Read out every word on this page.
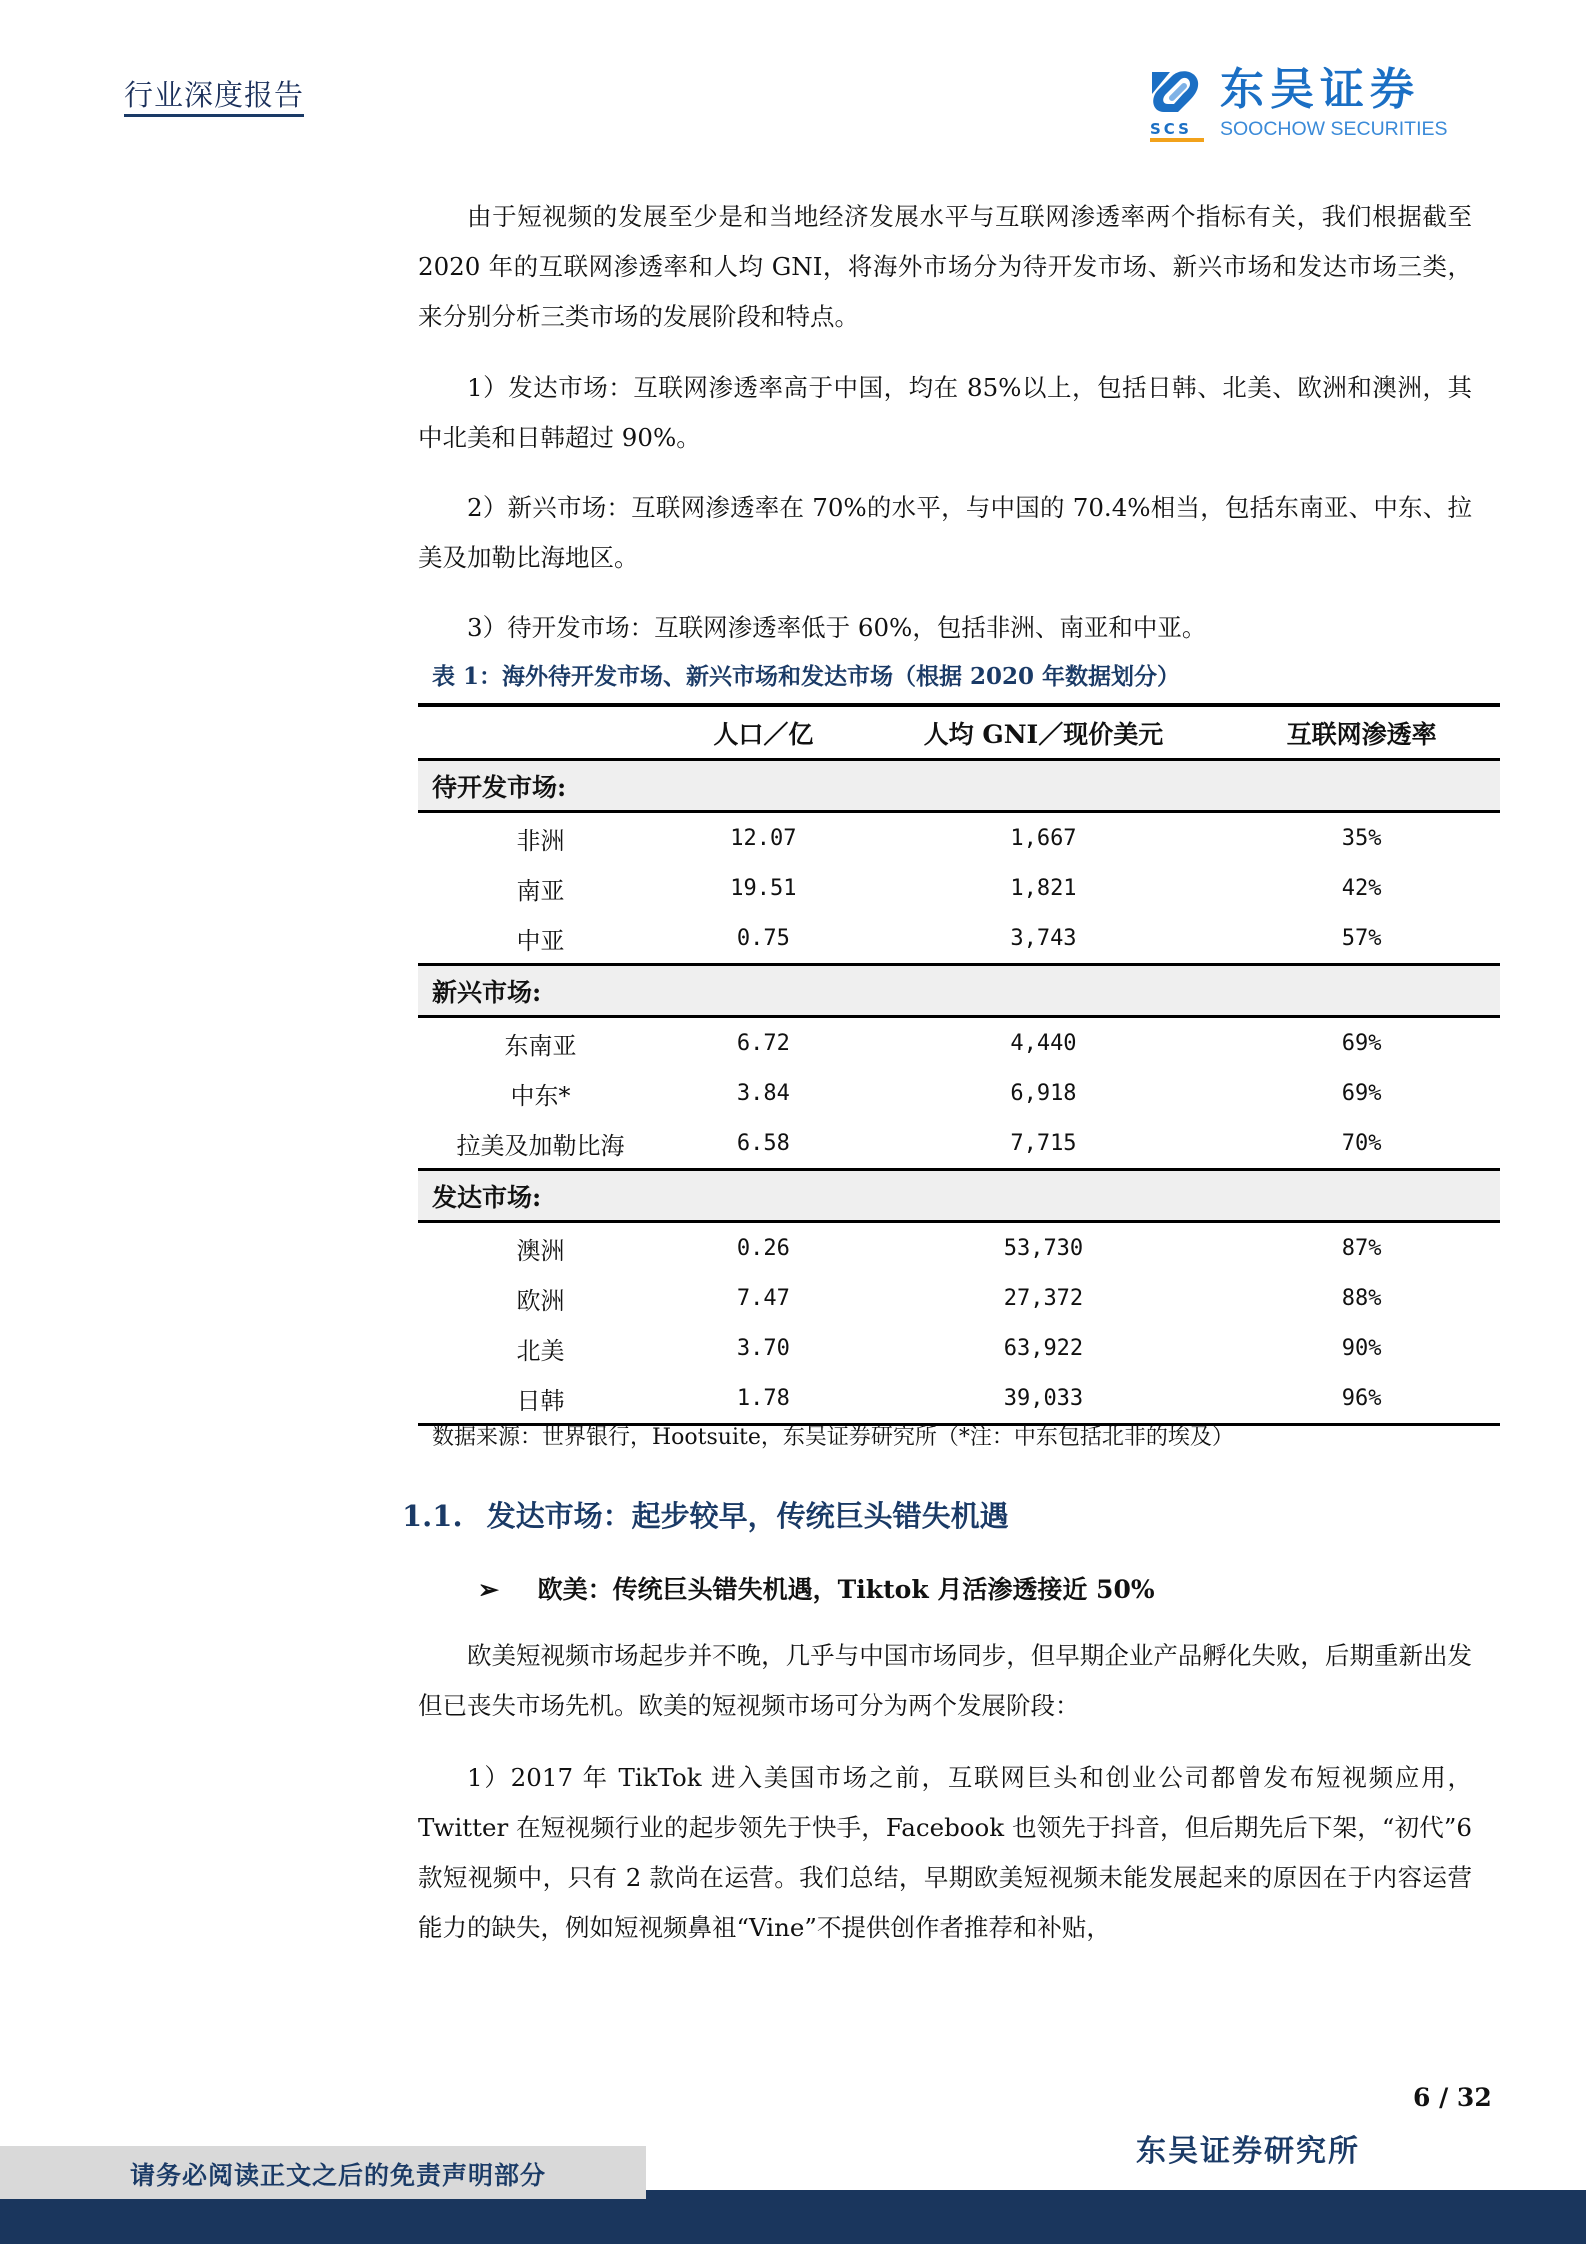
行业深度报告
SCS
东吴证券
SOOCHOW SECURITIES

由于短视频的发展至少是和当地经济发展水平与互联网渗透率两个指标有关，我们根据截至 2020 年的互联网渗透率和人均 GNI，将海外市场分为待开发市场、新兴市场和发达市场三类，来分别分析三类市场的发展阶段和特点。

1）发达市场：互联网渗透率高于中国，均在 85%以上，包括日韩、北美、欧洲和澳洲，其中北美和日韩超过 90%。

2）新兴市场：互联网渗透率在 70%的水平，与中国的 70.4%相当，包括东南亚、中东、拉美及加勒比海地区。

3）待开发市场：互联网渗透率低于 60%，包括非洲、南亚和中亚。

表 1：海外待开发市场、新兴市场和发达市场（根据 2020 年数据划分）
	人口／亿	人均 GNI／现价美元	互联网渗透率
待开发市场:			
非洲	12.07	1,667	35%
南亚	19.51	1,821	42%
中亚	0.75	3,743	57%
新兴市场:			
东南亚	6.72	4,440	69%
中东*	3.84	6,918	69%
拉美及加勒比海	6.58	7,715	70%
发达市场:			
澳洲	0.26	53,730	87%
欧洲	7.47	27,372	88%
北美	3.70	63,922	90%
日韩	1.78	39,033	96%
数据来源：世界银行，Hootsuite，东吴证券研究所（*注：中东包括北非的埃及）
1.1. 发达市场：起步较早，传统巨头错失机遇
➢ 欧美：传统巨头错失机遇，Tiktok 月活渗透接近 50%

欧美短视频市场起步并不晚，几乎与中国市场同步，但早期企业产品孵化失败，后期重新出发但已丧失市场先机。欧美的短视频市场可分为两个发展阶段：

1）2017 年 TikTok 进入美国市场之前，互联网巨头和创业公司都曾发布短视频应用，Twitter 在短视频行业的起步领先于快手，Facebook 也领先于抖音，但后期先后下架，“初代”6 款短视频中，只有 2 款尚在运营。我们总结，早期欧美短视频未能发展起来的原因在于内容运营能力的缺失，例如短视频鼻祖“Vine”不提供创作者推荐和补贴，

6 / 32
东吴证券研究所
请务必阅读正文之后的免责声明部分
